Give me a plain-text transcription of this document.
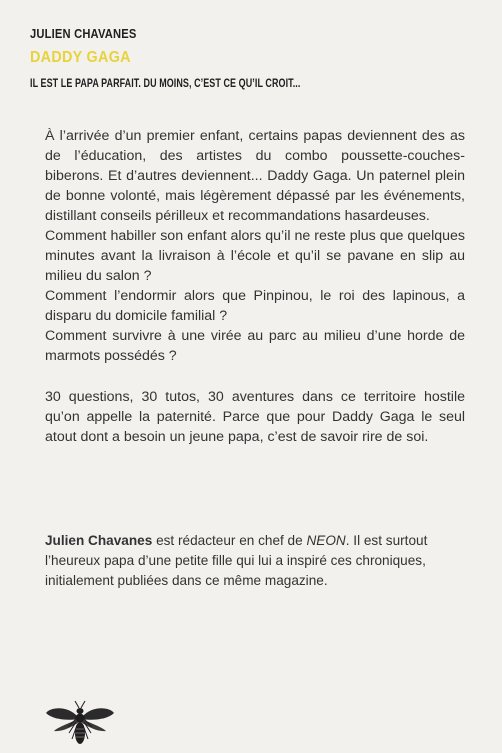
JULIEN CHAVANES
DADDY GAGA
IL EST LE PAPA PARFAIT. DU MOINS, C’EST CE QU’IL CROIT...

À l’arrivée d’un premier enfant, certains papas deviennent des as de l’éducation, des artistes du combo poussette-couches-biberons. Et d’autres deviennent... Daddy Gaga. Un paternel plein de bonne volonté, mais légèrement dépassé par les événements, distillant conseils périlleux et recommandations hasardeuses.

Comment habiller son enfant alors qu’il ne reste plus que quelques minutes avant la livraison à l’école et qu’il se pavane en slip au milieu du salon ?

Comment l’endormir alors que Pinpinou, le roi des lapinous, a disparu du domicile familial ?

Comment survivre à une virée au parc au milieu d’une horde de marmots possédés ?

30 questions, 30 tutos, 30 aventures dans ce territoire hostile qu’on appelle la paternité. Parce que pour Daddy Gaga le seul atout dont a besoin un jeune papa, c’est de savoir rire de soi.

Julien Chavanes est rédacteur en chef de NEON. Il est surtout l’heureux papa d’une petite fille qui lui a inspiré ces chroniques, initialement publiées dans ce même magazine.
